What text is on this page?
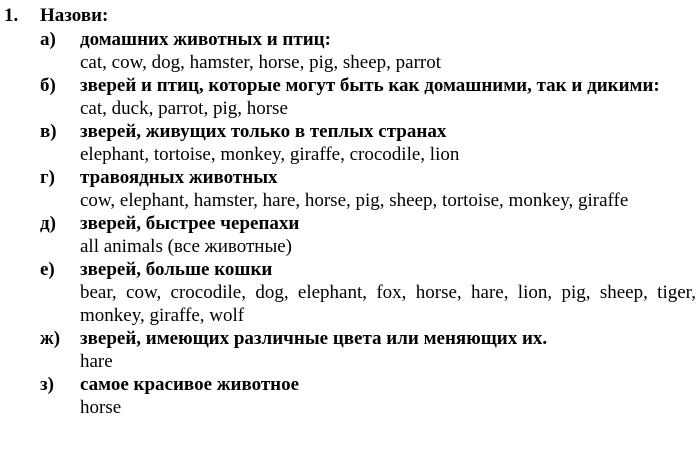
1. Назови:
а)	домашних животных и птиц:

cat, cow, dog, hamster, horse, pig, sheep, parrot

б)	зверей и птиц, которые могут быть как домашними, так и дикими:

cat, duck, parrot, pig, horse

в)	зверей, живущих только в теплых странах

elephant, tortoise, monkey, giraffe, crocodile, lion

г)	травоядных животных

cow, elephant, hamster, hare, horse, pig, sheep, tortoise, monkey, giraffe

д)	зверей, быстрее черепахи

all animals (все животные)

е)	зверей, больше кошки

bear, cow, crocodile, dog, elephant, fox, horse, hare, lion, pig, sheep, tiger, monkey, giraffe, wolf

ж)	зверей, имеющих различные цвета или меняющих их.

hare

з)	самое красивое животное

horse
